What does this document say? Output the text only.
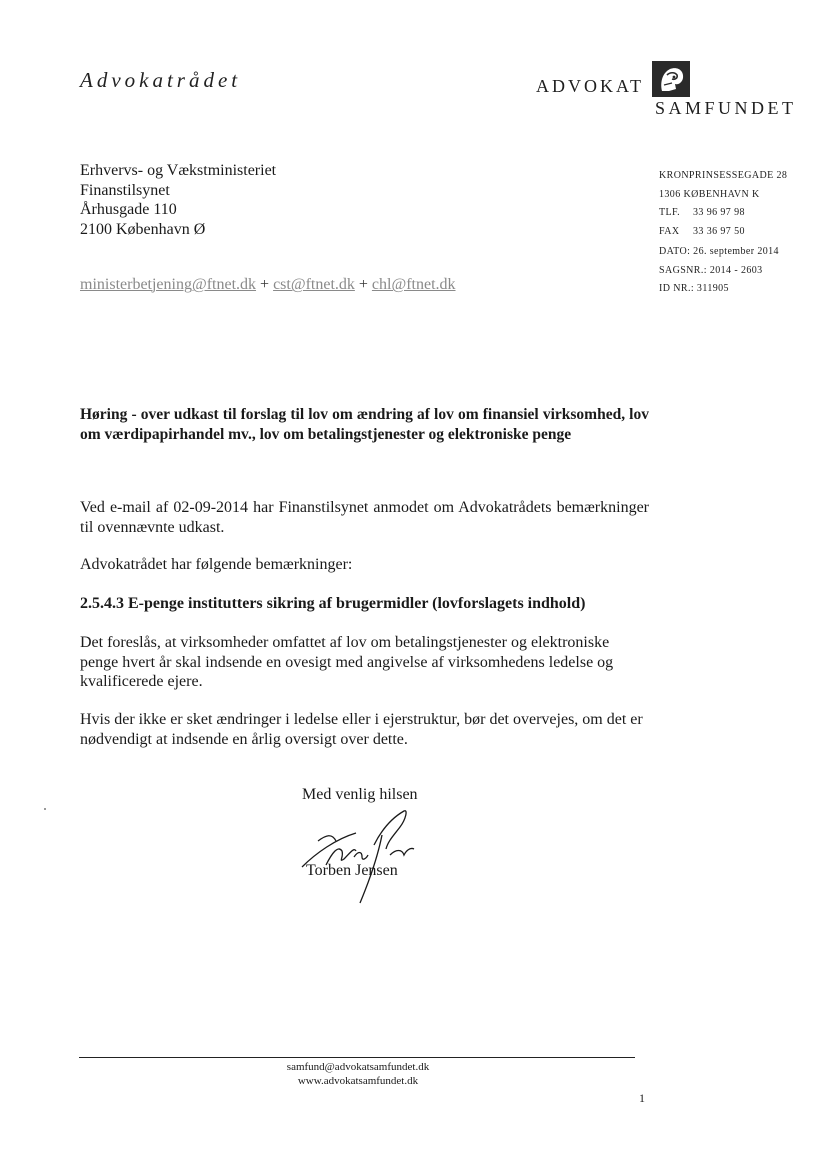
Advokatrådet	ADVOKAT
SAMFUNDET
Erhvervs- og Vækstministeriet
Finanstilsynet
Århusgade 110
2100 København Ø
ministerbetjening@ftnet.dk + cst@ftnet.dk + chl@ftnet.dk
KRONPRINSESSEGADE 28
1306 KØBENHAVN K
TLF. 33 96 97 98
FAX 33 36 97 50
DATO: 26. september 2014
SAGSNR.: 2014 - 2603
ID NR.: 311905
Høring - over udkast til forslag til lov om ændring af lov om finansiel virksomhed, lov om værdipapirhandel mv., lov om betalingstjenester og elektroniske penge
Ved e-mail af 02-09-2014 har Finanstilsynet anmodet om Advokatrådets bemærkninger til ovennævnte udkast.
Advokatrådet har følgende bemærkninger:
2.5.4.3 E-penge institutters sikring af brugermidler (lovforslagets indhold)
Det foreslås, at virksomheder omfattet af lov om betalingstjenester og elektroniske penge hvert år skal indsende en ovesigt med angivelse af virksomhedens ledelse og kvalificerede ejere.
Hvis der ikke er sket ændringer i ledelse eller i ejerstruktur, bør det overvejes, om det er nødvendigt at indsende en årlig oversigt over dette.
Med venlig hilsen
Torben Jensen
samfund@advokatsamfundet.dk
www.advokatsamfundet.dk
1
